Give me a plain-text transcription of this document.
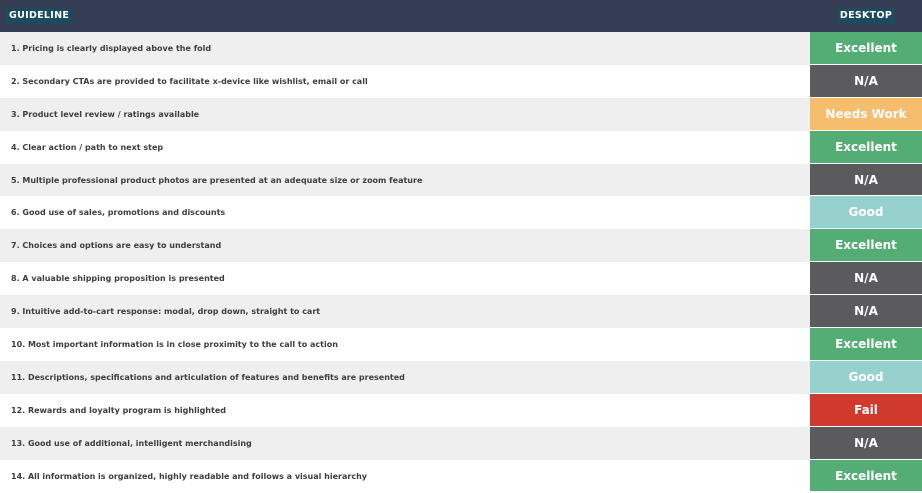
GUIDELINE	DESKTOP
1. Pricing is clearly displayed above the fold	Excellent
2. Secondary CTAs are provided to facilitate x-device like wishlist, email or call	N/A
3. Product level review / ratings available	Needs Work
4. Clear action / path to next step	Excellent
5. Multiple professional product photos are presented at an adequate size or zoom feature	N/A
6. Good use of sales, promotions and discounts	Good
7. Choices and options are easy to understand	Excellent
8. A valuable shipping proposition is presented	N/A
9. Intuitive add-to-cart response: modal, drop down, straight to cart	N/A
10. Most important information is in close proximity to the call to action	Excellent
11. Descriptions, specifications and articulation of features and benefits are presented	Good
12. Rewards and loyalty program is highlighted	Fail
13. Good use of additional, intelligent merchandising	N/A
14. All information is organized, highly readable and follows a visual hierarchy	Excellent
